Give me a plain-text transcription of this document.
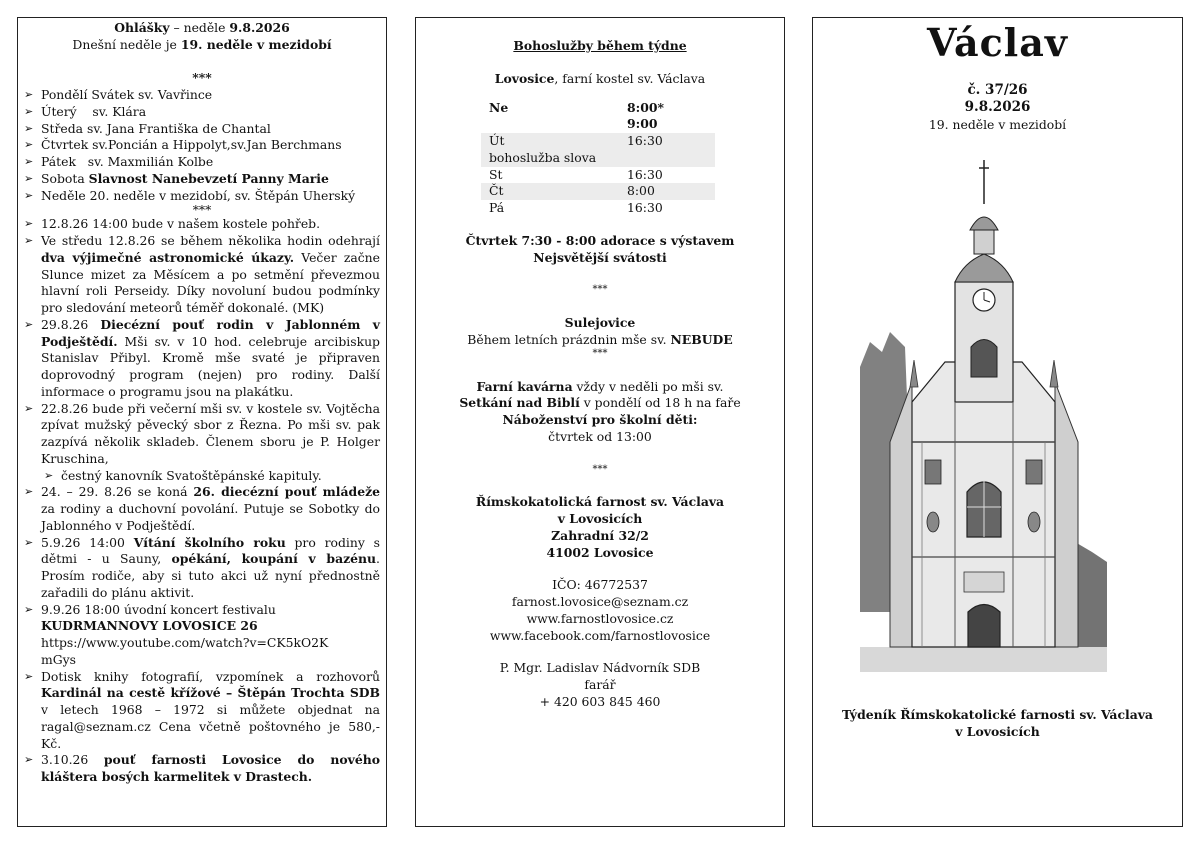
Ohlášky – neděle 9.8.2026
Dnešní neděle je 19. neděle v mezidobí
***
➢ Pondělí Svátek sv. Vavřince
➢ Úterý    sv. Klára
➢ Středa sv. Jana Františka de Chantal
➢ Čtvrtek sv.Poncián a Hippolyt,sv.Jan Berchmans
➢ Pátek   sv. Maxmilián Kolbe
➢ Sobota Slavnost Nanebevzetí Panny Marie
➢ Neděle 20. neděle v mezidobí, sv. Štěpán Uherský
***
➢ 12.8.26 14:00 bude v našem kostele pohřeb.
➢ Ve středu 12.8.26 se během několika hodin odehrají dva výjimečné astronomické úkazy. Večer začne Slunce mizet za Měsícem a po setmění převezmou hlavní roli Perseidy. Díky novoluní budou podmínky pro sledování meteorů téměř dokonalé. (MK)
➢ 29.8.26 Diecézní pouť rodin v Jablonném v Podještědí. Mši sv. v 10 hod. celebruje arcibiskup Stanislav Přibyl. Kromě mše svaté je připraven doprovodný program (nejen) pro rodiny. Další informace o programu jsou na plakátku.
➢ 22.8.26 bude při večerní mši sv. v kostele sv. Vojtěcha zpívat mužský pěvecký sbor z Řezna. Po mši sv. pak zazpívá několik skladeb. Členem sboru je P. Holger Kruschina,
➢ čestný kanovník Svatoštěpánské kapituly.
➢ 24. – 29. 8.26 se koná 26. diecézní pouť mládeže za rodiny a duchovní povolání. Putuje se Sobotky do Jablonného v Podještědí.
➢ 5.9.26 14:00 Vítání školního roku pro rodiny s dětmi - u Sauny, opékání, koupání v bazénu. Prosím rodiče, aby si tuto akci už nyní přednostně zařadili do plánu aktivit.
➢ 9.9.26 18:00 úvodní koncert festivalu
KUDRMANNOVY LOVOSICE 26
https://www.youtube.com/watch?v=CK5kO2K
mGys
➢ Dotisk knihy fotografií, vzpomínek a rozhovorů Kardinál na cestě křížové – Štěpán Trochta SDB v letech 1968 – 1972 si můžete objednat na ragal@seznam.cz Cena včetně poštovného je 580,- Kč.
➢ 3.10.26 pouť farnosti Lovosice do nového kláštera bosých karmelitek v Drastech.
Bohoslužby během týdne
Lovosice, farní kostel sv. Václava
Ne	8:00*
	9:00
Út	16:30
bohoslužba slova	
St	16:30
Čt	8:00
Pá	16:30
Čtvrtek 7:30 - 8:00 adorace s výstavem
Nejsvětější svátosti
***
Sulejovice
Během letních prázdnin mše sv. NEBUDE
***
Farní kavárna vždy v neděli po mši sv.
Setkání nad Biblí v pondělí od 18 h na faře
Náboženství pro školní děti:
čtvrtek od 13:00
***
Římskokatolická farnost sv. Václava
v Lovosicích
Zahradní 32/2
41002 Lovosice
IČO: 46772537
farnost.lovosice@seznam.cz
www.farnostlovosice.cz
www.facebook.com/farnostlovosice
P. Mgr. Ladislav Nádvorník SDB
farář
+ 420 603 845 460
Václav
č. 37/26
9.8.2026
19. neděle v mezidobí
Týdeník Římskokatolické farnosti sv. Václava
v Lovosicích
